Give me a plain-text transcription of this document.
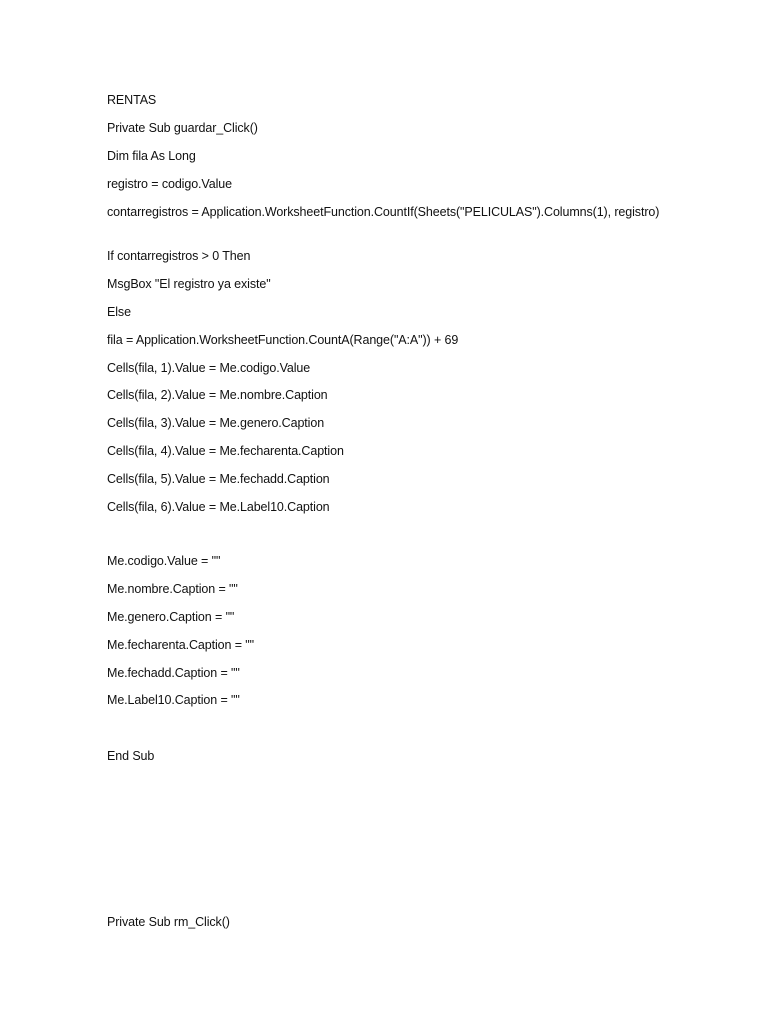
RENTAS
Private Sub guardar_Click()
Dim fila As Long
registro = codigo.Value
contarregistros = Application.WorksheetFunction.CountIf(Sheets("PELICULAS").Columns(1), registro)
If contarregistros > 0 Then
MsgBox "El registro ya existe"
Else
fila = Application.WorksheetFunction.CountA(Range("A:A")) + 69
Cells(fila, 1).Value = Me.codigo.Value
Cells(fila, 2).Value = Me.nombre.Caption
Cells(fila, 3).Value = Me.genero.Caption
Cells(fila, 4).Value = Me.fecharenta.Caption
Cells(fila, 5).Value = Me.fechadd.Caption
Cells(fila, 6).Value = Me.Label10.Caption
Me.codigo.Value = ""
Me.nombre.Caption = ""
Me.genero.Caption = ""
Me.fecharenta.Caption = ""
Me.fechadd.Caption = ""
Me.Label10.Caption = ""
End Sub
Private Sub rm_Click()
